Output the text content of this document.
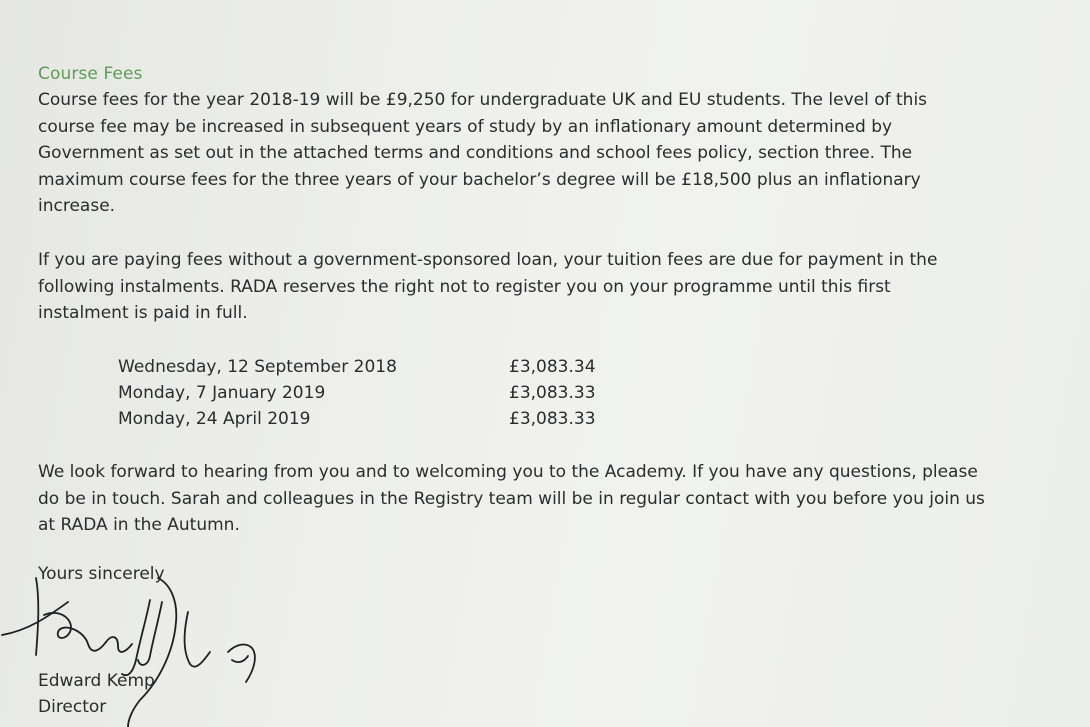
Course Fees

Course fees for the year 2018-19 will be £9,250 for undergraduate UK and EU students. The level of this
course fee may be increased in subsequent years of study by an inflationary amount determined by
Government as set out in the attached terms and conditions and school fees policy, section three. The
maximum course fees for the three years of your bachelor’s degree will be £18,500 plus an inflationary
increase.

If you are paying fees without a government-sponsored loan, your tuition fees are due for payment in the
following instalments. RADA reserves the right not to register you on your programme until this first
instalment is paid in full.

Wednesday, 12 September 2018	£3,083.34
Monday, 7 January 2019	£3,083.33
Monday, 24 April 2019	£3,083.33

We look forward to hearing from you and to welcoming you to the Academy. If you have any questions, please
do be in touch. Sarah and colleagues in the Registry team will be in regular contact with you before you join us
at RADA in the Autumn.

Yours sincerely
Edward Kemp
Director
